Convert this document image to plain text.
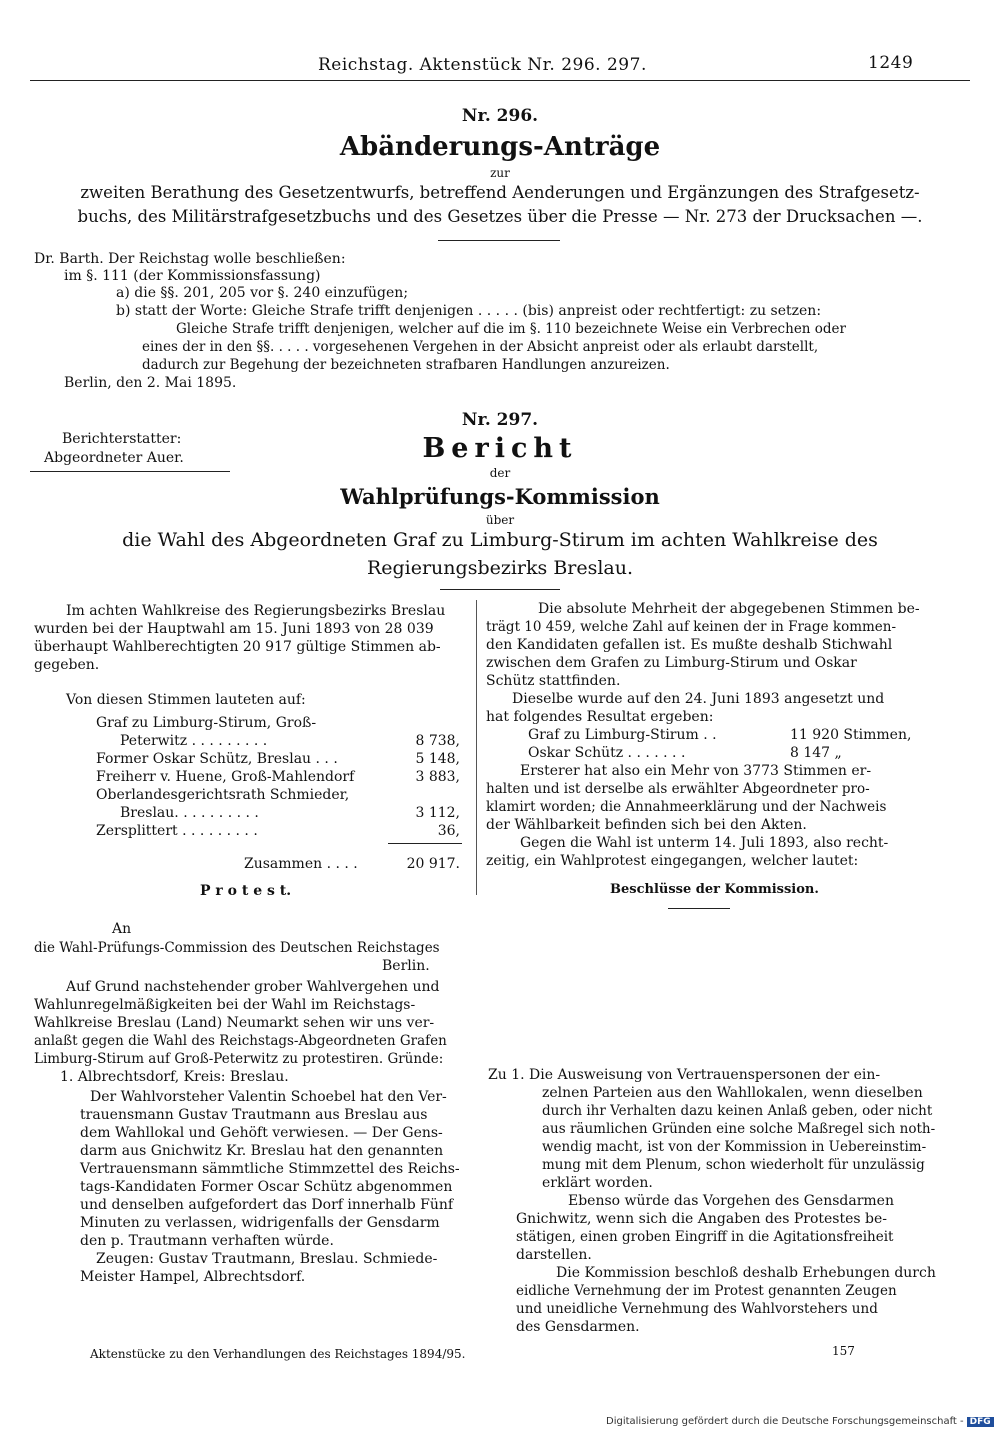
Reichstag. Aktenstück Nr. 296. 297.	1249
Nr. 296.
Abänderungs-Anträge
zur
zweiten Berathung des Gesetzentwurfs, betreffend Aenderungen und Ergänzungen des Strafgesetz-
buchs, des Militärstrafgesetzbuchs und des Gesetzes über die Presse — Nr. 273 der Drucksachen —.
Dr. Barth. Der Reichstag wolle beschließen:
im §. 111 (der Kommissionsfassung)
a) die §§. 201, 205 vor §. 240 einzufügen;
b) statt der Worte: Gleiche Strafe trifft denjenigen . . . . . (bis) anpreist oder rechtfertigt: zu setzen:
Gleiche Strafe trifft denjenigen, welcher auf die im §. 110 bezeichnete Weise ein Verbrechen oder
eines der in den §§. . . . . vorgesehenen Vergehen in der Absicht anpreist oder als erlaubt darstellt,
dadurch zur Begehung der bezeichneten strafbaren Handlungen anzureizen.
Berlin, den 2. Mai 1895.
Nr. 297.
Berichterstatter:
Abgeordneter Auer.	Bericht
der
Wahlprüfungs-Kommission
über
die Wahl des Abgeordneten Graf zu Limburg-Stirum im achten Wahlkreise des
Regierungsbezirks Breslau.
Im achten Wahlkreise des Regierungsbezirks Breslau
wurden bei der Hauptwahl am 15. Juni 1893 von 28 039
überhaupt Wahlberechtigten 20 917 gültige Stimmen ab-
gegeben.
Von diesen Stimmen lauteten auf:
Graf zu Limburg-Stirum, Groß-
Peterwitz . . . . . . . . .	8 738,
Former Oskar Schütz, Breslau . . .	5 148,
Freiherr v. Huene, Groß-Mahlendorf	3 883,
Oberlandesgerichtsrath Schmieder,
Breslau. . . . . . . . . .	3 112,
Zersplittert . . . . . . . . .	36,
Zusammen . . . .	20 917.
P r o t e s t.
An
die Wahl-Prüfungs-Commission des Deutschen Reichstages
Berlin.
Auf Grund nachstehender grober Wahlvergehen und
Wahlunregelmäßigkeiten bei der Wahl im Reichstags-
Wahlkreise Breslau (Land) Neumarkt sehen wir uns ver-
anlaßt gegen die Wahl des Reichstags-Abgeordneten Grafen
Limburg-Stirum auf Groß-Peterwitz zu protestiren. Gründe:
1. Albrechtsdorf, Kreis: Breslau.
Der Wahlvorsteher Valentin Schoebel hat den Ver-
trauensmann Gustav Trautmann aus Breslau aus
dem Wahllokal und Gehöft verwiesen. — Der Gens-
darm aus Gnichwitz Kr. Breslau hat den genannten
Vertrauensmann sämmtliche Stimmzettel des Reichs-
tags-Kandidaten Former Oscar Schütz abgenommen
und denselben aufgefordert das Dorf innerhalb Fünf
Minuten zu verlassen, widrigenfalls der Gensdarm
den p. Trautmann verhaften würde.
Zeugen: Gustav Trautmann, Breslau. Schmiede-
Meister Hampel, Albrechtsdorf.
Die absolute Mehrheit der abgegebenen Stimmen be-
trägt 10 459, welche Zahl auf keinen der in Frage kommen-
den Kandidaten gefallen ist. Es mußte deshalb Stichwahl
zwischen dem Grafen zu Limburg-Stirum und Oskar
Schütz stattfinden.
Dieselbe wurde auf den 24. Juni 1893 angesetzt und
hat folgendes Resultat ergeben:
Graf zu Limburg-Stirum . .	11 920 Stimmen,
Oskar Schütz . . . . . . .	8 147 „
Ersterer hat also ein Mehr von 3773 Stimmen er-
halten und ist derselbe als erwählter Abgeordneter pro-
klamirt worden; die Annahmeerklärung und der Nachweis
der Wählbarkeit befinden sich bei den Akten.
Gegen die Wahl ist unterm 14. Juli 1893, also recht-
zeitig, ein Wahlprotest eingegangen, welcher lautet:
Beschlüsse der Kommission.
Zu 1. Die Ausweisung von Vertrauenspersonen der ein-
zelnen Parteien aus den Wahllokalen, wenn dieselben
durch ihr Verhalten dazu keinen Anlaß geben, oder nicht
aus räumlichen Gründen eine solche Maßregel sich noth-
wendig macht, ist von der Kommission in Uebereinstim-
mung mit dem Plenum, schon wiederholt für unzulässig
erklärt worden.
Ebenso würde das Vorgehen des Gensdarmen
Gnichwitz, wenn sich die Angaben des Protestes be-
stätigen, einen groben Eingriff in die Agitationsfreiheit
darstellen.
Die Kommission beschloß deshalb Erhebungen durch
eidliche Vernehmung der im Protest genannten Zeugen
und uneidliche Vernehmung des Wahlvorstehers und
des Gensdarmen.
Aktenstücke zu den Verhandlungen des Reichstages 1894/95.	157
Digitalisierung gefördert durch die Deutsche Forschungsgemeinschaft - DFG
